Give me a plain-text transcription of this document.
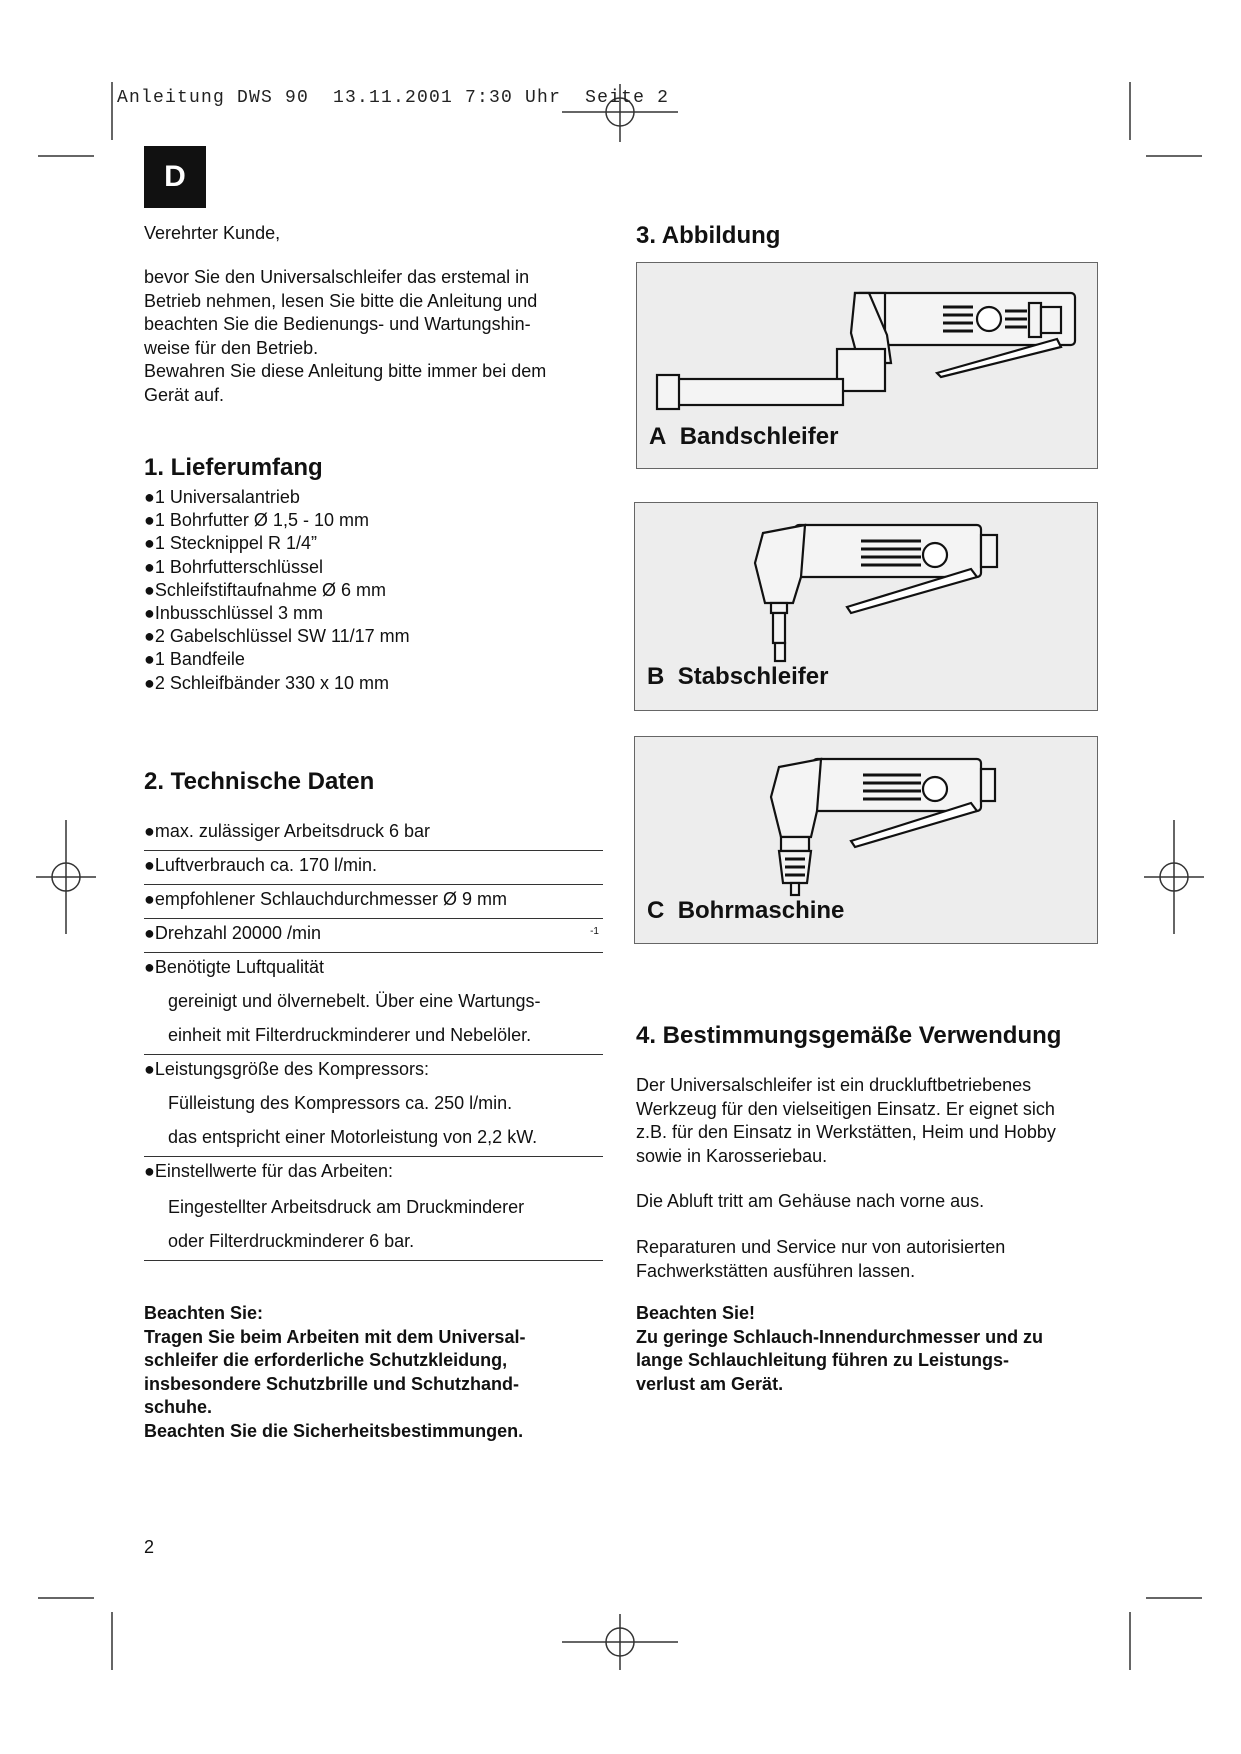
Anleitung DWS 90  13.11.2001 7:30 Uhr  Seite 2
D
Verehrter Kunde,
bevor Sie den Universalschleifer das erstemal in
Betrieb nehmen, lesen Sie bitte die Anleitung und
beachten Sie die Bedienungs- und Wartungshin-
weise für den Betrieb.
Bewahren Sie diese Anleitung bitte immer bei dem
Gerät auf.
1. Lieferumfang
●1 Universalantrieb
●1 Bohrfutter Ø 1,5 - 10 mm
●1 Stecknippel R 1/4”
●1 Bohrfutterschlüssel
●Schleifstiftaufnahme Ø 6 mm
●Inbusschlüssel 3 mm
●2 Gabelschlüssel SW 11/17 mm
●1 Bandfeile
●2 Schleifbänder 330 x 10 mm
2. Technische Daten
●max. zulässiger Arbeitsdruck 6 bar
●Luftverbrauch ca. 170 l/min.
●empfohlener Schlauchdurchmesser Ø 9 mm
●Drehzahl 20000 /min	-1
●Benötigte Luftqualität
gereinigt und ölvernebelt. Über eine Wartungs-
einheit mit Filterdruckminderer und Nebelöler.
●Leistungsgröße des Kompressors:
Fülleistung des Kompressors ca. 250 l/min.
das entspricht einer Motorleistung von 2,2 kW.
●Einstellwerte für das Arbeiten:
Eingestellter Arbeitsdruck am Druckminderer
oder Filterdruckminderer 6 bar.
Beachten Sie:
Tragen Sie beim Arbeiten mit dem Universal-
schleifer die erforderliche Schutzkleidung,
insbesondere Schutzbrille und Schutzhand-
schuhe.
Beachten Sie die Sicherheitsbestimmungen.
2
3. Abbildung
A Bandschleifer
B Stabschleifer
C Bohrmaschine
4. Bestimmungsgemäße Verwendung
Der Universalschleifer ist ein druckluftbetriebenes
Werkzeug für den vielseitigen Einsatz. Er eignet sich
z.B. für den Einsatz in Werkstätten, Heim und Hobby
sowie in Karosseriebau.
Die Abluft tritt am Gehäuse nach vorne aus.
Reparaturen und Service nur von autorisierten
Fachwerkstätten ausführen lassen.
Beachten Sie!
Zu geringe Schlauch-Innendurchmesser und zu
lange Schlauchleitung führen zu Leistungs-
verlust am Gerät.
